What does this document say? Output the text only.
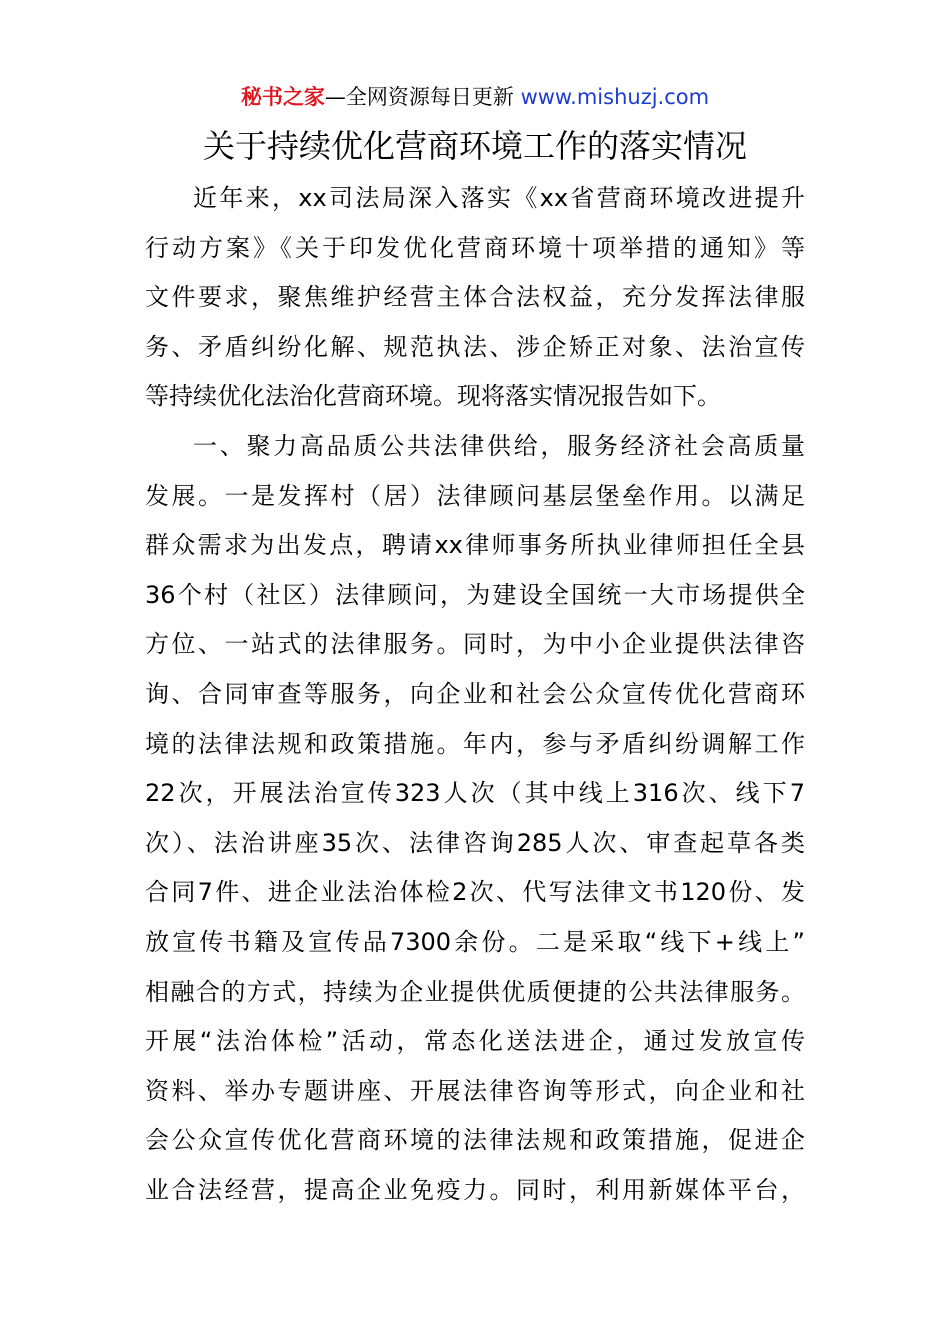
秘书之家—全网资源每日更新 www.mishuzj.com
关于持续优化营商环境工作的落实情况

近年来，xx司法局深入落实《xx省营商环境改进提升

行动方案》《关于印发优化营商环境十项举措的通知》等

文件要求，聚焦维护经营主体合法权益，充分发挥法律服

务、矛盾纠纷化解、规范执法、涉企矫正对象、法治宣传

等持续优化法治化营商环境。现将落实情况报告如下。

一、聚力高品质公共法律供给，服务经济社会高质量

发展。一是发挥村（居）法律顾问基层堡垒作用。以满足

群众需求为出发点，聘请xx律师事务所执业律师担任全县

36个村（社区）法律顾问，为建设全国统一大市场提供全

方位、一站式的法律服务。同时，为中小企业提供法律咨

询、合同审查等服务，向企业和社会公众宣传优化营商环

境的法律法规和政策措施。年内，参与矛盾纠纷调解工作

22次，开展法治宣传323人次（其中线上316次、线下7

次）、法治讲座35次、法律咨询285人次、审查起草各类

合同7件、进企业法治体检2次、代写法律文书120份、发

放宣传书籍及宣传品7300余份。二是采取“线下+线上”

相融合的方式，持续为企业提供优质便捷的公共法律服务。

开展“法治体检”活动，常态化送法进企，通过发放宣传

资料、举办专题讲座、开展法律咨询等形式，向企业和社

会公众宣传优化营商环境的法律法规和政策措施，促进企

业合法经营，提高企业免疫力。同时，利用新媒体平台，
